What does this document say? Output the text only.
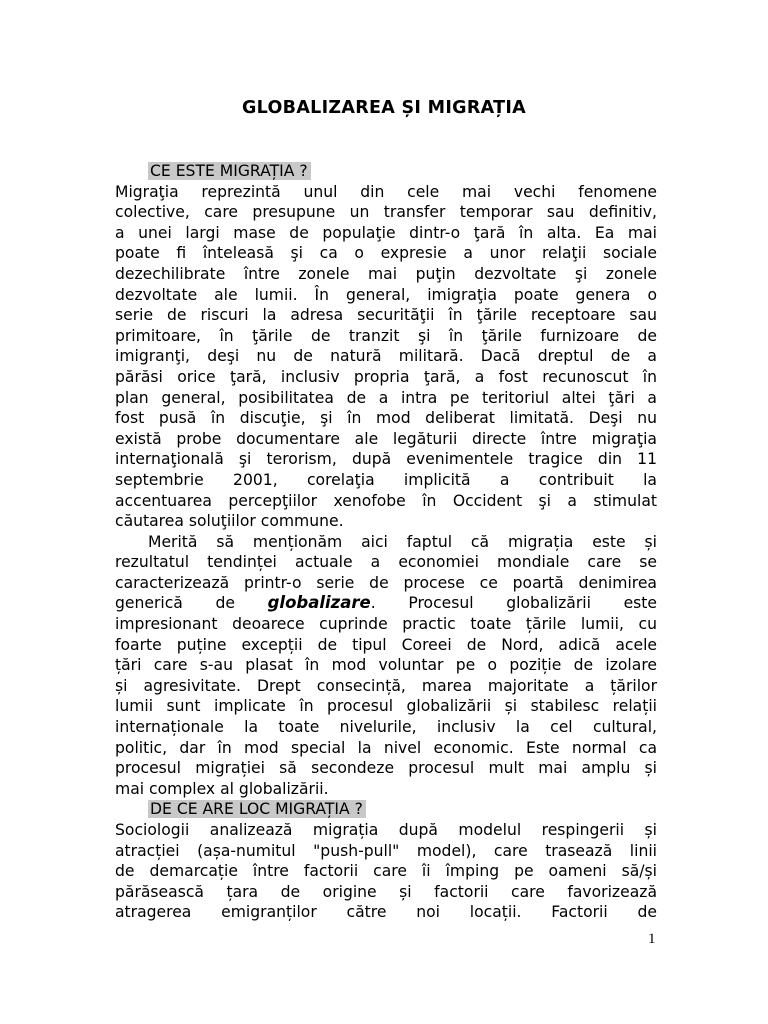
GLOBALIZAREA ȘI MIGRAȚIA
CE ESTE MIGRAȚIA ?
Migraţia reprezintă unul din cele mai vechi fenomene
colective, care presupune un transfer temporar sau definitiv,
a unei largi mase de populaţie dintr-o ţară în alta. Ea mai
poate fi înteleasă şi ca o expresie a unor relaţii sociale
dezechilibrate între zonele mai puţin dezvoltate şi zonele
dezvoltate ale lumii. În general, imigraţia poate genera o
serie de riscuri la adresa securităţii în ţările receptoare sau
primitoare, în ţările de tranzit şi în ţările furnizoare de
imigranţi, deşi nu de natură militară. Dacă dreptul de a
părăsi orice ţară, inclusiv propria ţară, a fost recunoscut în
plan general, posibilitatea de a intra pe teritoriul altei ţări a
fost pusă în discuţie, şi în mod deliberat limitată. Deşi nu
există probe documentare ale legăturii directe între migraţia
internaţională şi terorism, după evenimentele tragice din 11
septembrie 2001, corelaţia implicită a contribuit la
accentuarea percepţiilor xenofobe în Occident şi a stimulat
căutarea soluţiilor commune.
Merită să menționăm aici faptul că migrația este și
rezultatul tendinței actuale a economiei mondiale care se
caracterizează printr-o serie de procese ce poartă denimirea
generică de globalizare. Procesul globalizării este
impresionant deoarece cuprinde practic toate țările lumii, cu
foarte puține excepții de tipul Coreei de Nord, adică acele
țări care s-au plasat în mod voluntar pe o poziție de izolare
și agresivitate. Drept consecință, marea majoritate a țărilor
lumii sunt implicate în procesul globalizării și stabilesc relații
internaționale la toate nivelurile, inclusiv la cel cultural,
politic, dar în mod special la nivel economic. Este normal ca
procesul migrației să secondeze procesul mult mai amplu și
mai complex al globalizării.
DE CE ARE LOC MIGRAȚIA ?
Sociologii analizează migrația după modelul respingerii și
atracției (așa-numitul "push-pull" model), care trasează linii
de demarcație între factorii care îi împing pe oameni să/și
părăsească țara de origine și factorii care favorizează
atragerea emigranților către noi locații. Factorii de
1
